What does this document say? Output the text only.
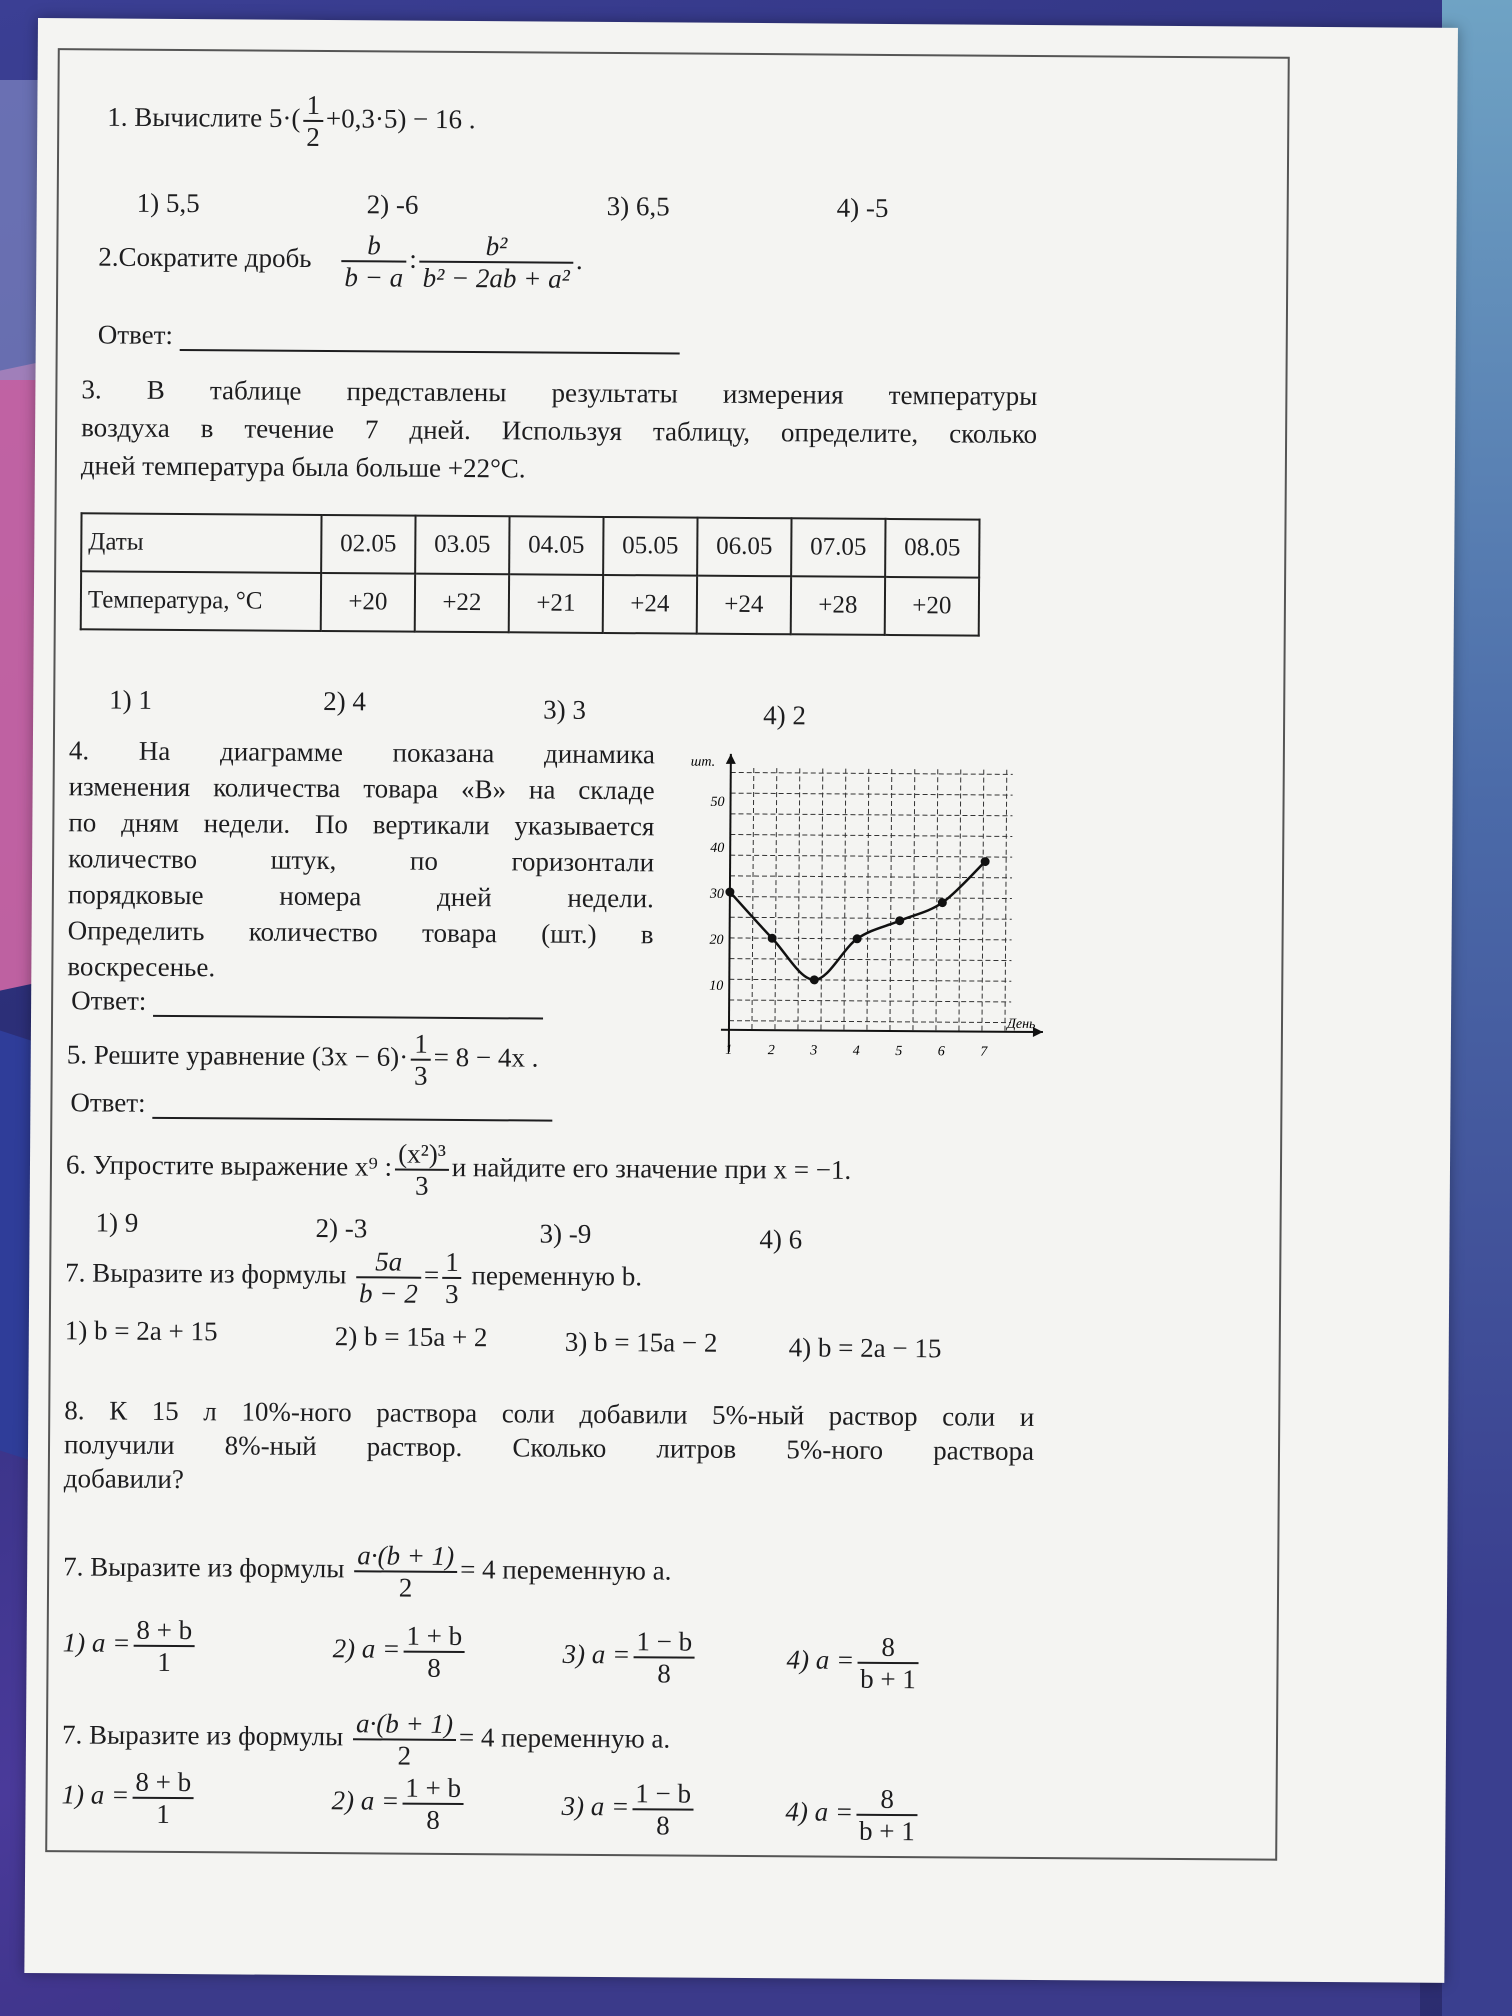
1. Вычислите $5\cdot( \frac{1}{2} +0,3\cdot 5) - 16$ .
1) 5,5	2) -6	3) 6,5	4) -5
2.Сократите дробь $\frac{b}{b - a}$ : $\frac{\text{b²}}{\text{b² − 2ab + a²}}$ .
Ответ:
3. В таблице представлены результаты измерения температуры
воздуха в течение 7 дней. Используя таблицу, определите, сколько
дней температура была больше +22°С.
Даты	02.05	03.05	04.05	05.05	06.05	07.05	08.05
Температура, °С	+20	+22	+21	+24	+24	+28	+20
1) 1	2) 4	3) 3	4) 2
4. На диаграмме показана динамика
изменения количества товара «В» на складе
по дням недели. По вертикали указывается
количество штук, по горизонтали
порядковые номера дней недели.
Определить количество товара (шт.) в
воскресенье.
Ответ:	10
20
30
40
50
1	2	3	4	5	6	7
шт.
День
5. Решите уравнение $(3x - 6)\cdot \frac{1}{3} = 8 - 4x$ .
Ответ:
6. Упростите выражение x⁹ : $\frac{\text{(x²)³}}{3}$ и найдите его значение при x = −1.
1) 9	2) -3	3) -9	4) 6
7. Выразите из формулы $\frac{5a}{b - 2} = \frac{1}{3}$ переменную b.
1) b = 2a + 15	2) b = 15a + 2	3) b = 15a − 2	4) b = 2a − 15
8. К 15 л 10%-ного раствора соли добавили 5%-ный раствор соли и
получили 8%-ный раствор. Сколько литров 5%-ного раствора
добавили?
7. Выразите из формулы $\frac{a\cdot(b + 1)}{2} = 4$ переменную a.
1) $a = \frac{8 + b}{1}$	2) $a = \frac{1 + b}{8}$	3) $a = \frac{1 - b}{8}$	4) $a = \frac{8}{b + 1}$
7. Выразите из формулы $\frac{a\cdot(b + 1)}{2} = 4$ переменную a.
1) $a = \frac{8 + b}{1}$	2) $a = \frac{1 + b}{8}$	3) $a = \frac{1 - b}{8}$	4) $a = \frac{8}{b + 1}$
